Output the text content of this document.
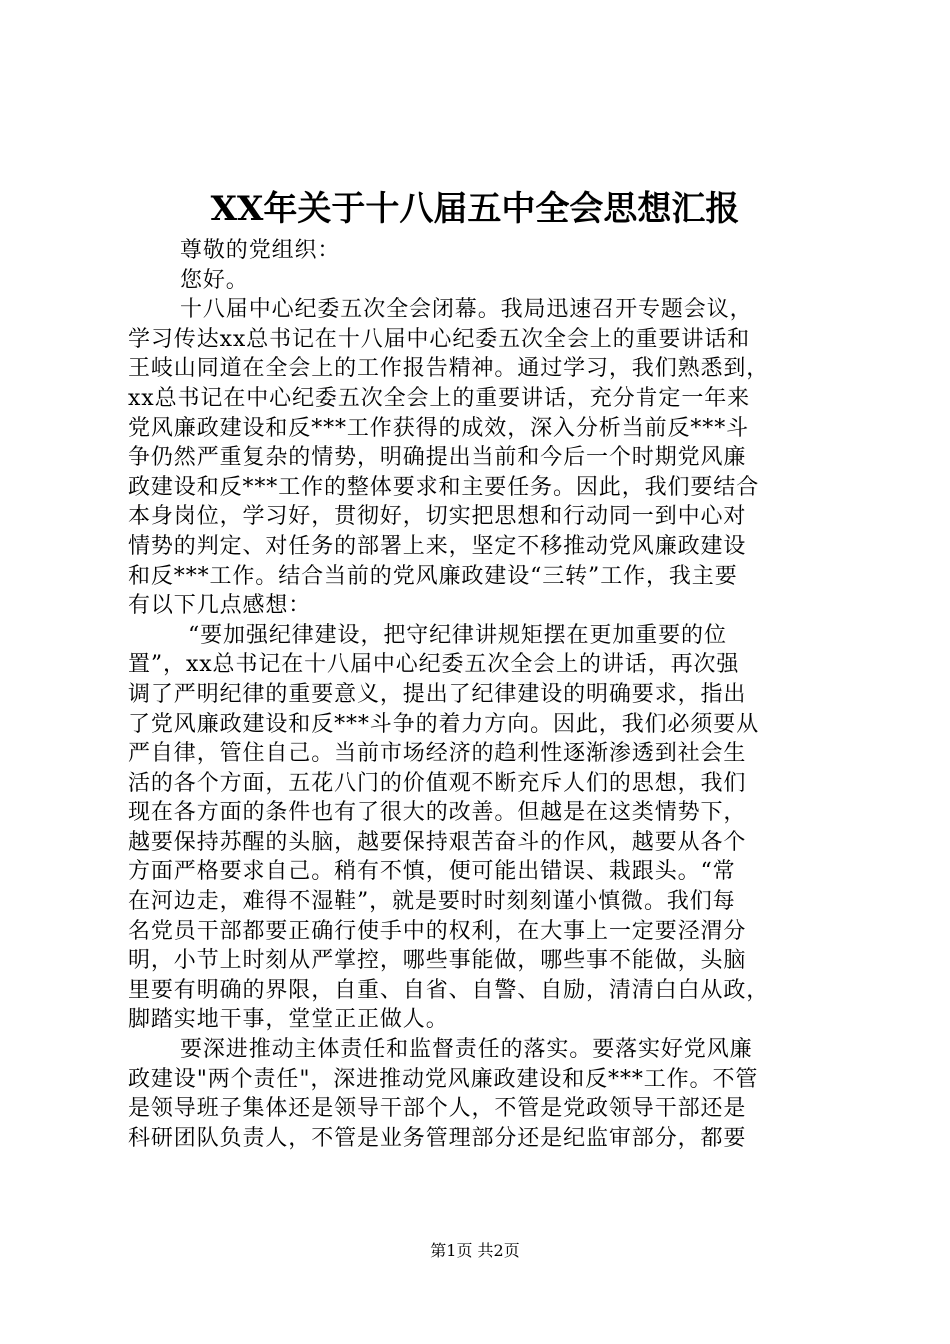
XX年关于十八届五中全会思想汇报
尊敬的党组织：
您好。
十八届中心纪委五次全会闭幕。我局迅速召开专题会议，
学习传达xx总书记在十八届中心纪委五次全会上的重要讲话和
王岐山同道在全会上的工作报告精神。通过学习，我们熟悉到，
xx总书记在中心纪委五次全会上的重要讲话，充分肯定一年来
党风廉政建设和反***工作获得的成效，深入分析当前反***斗
争仍然严重复杂的情势，明确提出当前和今后一个时期党风廉
政建设和反***工作的整体要求和主要任务。因此，我们要结合
本身岗位，学习好，贯彻好，切实把思想和行动同一到中心对
情势的判定、对任务的部署上来，坚定不移推动党风廉政建设
和反***工作。结合当前的党风廉政建设“三转”工作，我主要
有以下几点感想：
“要加强纪律建设，把守纪律讲规矩摆在更加重要的位
置”，xx总书记在十八届中心纪委五次全会上的讲话，再次强
调了严明纪律的重要意义，提出了纪律建设的明确要求，指出
了党风廉政建设和反***斗争的着力方向。因此，我们必须要从
严自律，管住自己。当前市场经济的趋利性逐渐渗透到社会生
活的各个方面，五花八门的价值观不断充斥人们的思想，我们
现在各方面的条件也有了很大的改善。但越是在这类情势下，
越要保持苏醒的头脑，越要保持艰苦奋斗的作风，越要从各个
方面严格要求自己。稍有不慎，便可能出错误、栽跟头。“常
在河边走，难得不湿鞋”，就是要时时刻刻谨小慎微。我们每
名党员干部都要正确行使手中的权利，在大事上一定要泾渭分
明，小节上时刻从严掌控，哪些事能做，哪些事不能做，头脑
里要有明确的界限，自重、自省、自警、自励，清清白白从政，
脚踏实地干事，堂堂正正做人。
要深进推动主体责任和监督责任的落实。要落实好党风廉
政建设"两个责任"，深进推动党风廉政建设和反***工作。不管
是领导班子集体还是领导干部个人，不管是党政领导干部还是
科研团队负责人，不管是业务管理部分还是纪监审部分，都要
第1页 共2页
